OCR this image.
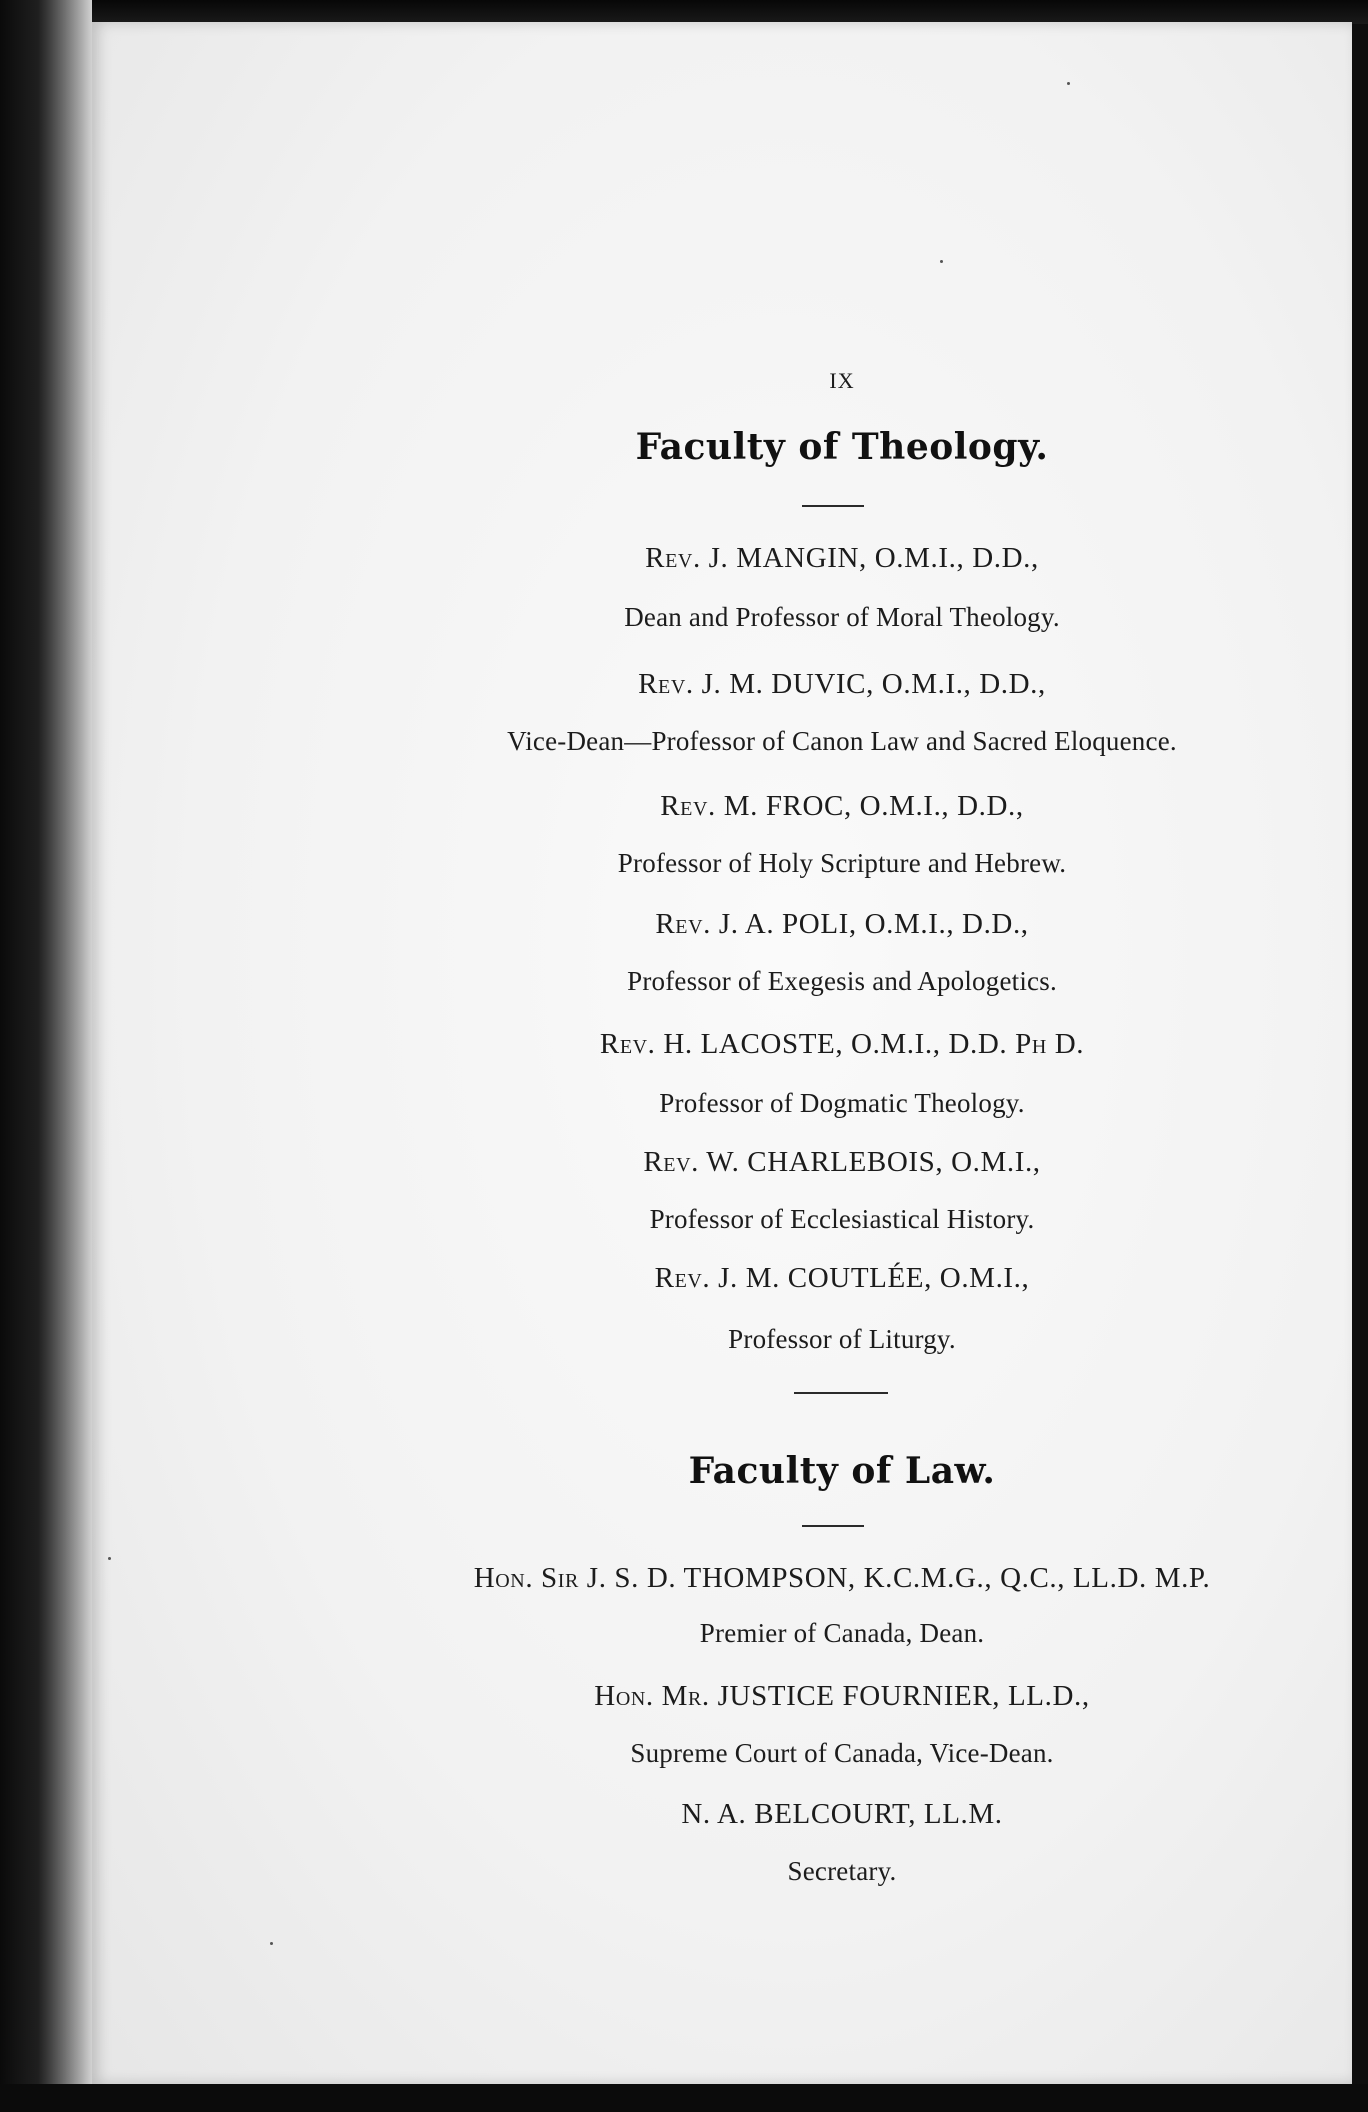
IX
Faculty of Theology.
Rev. J. MANGIN, O.M.I., D.D.,
Dean and Professor of Moral Theology.
Rev. J. M. DUVIC, O.M.I., D.D.,
Vice-Dean—Professor of Canon Law and Sacred Eloquence.
Rev. M. FROC, O.M.I., D.D.,
Professor of Holy Scripture and Hebrew.
Rev. J. A. POLI, O.M.I., D.D.,
Professor of Exegesis and Apologetics.
Rev. H. LACOSTE, O.M.I., D.D. Ph D.
Professor of Dogmatic Theology.
Rev. W. CHARLEBOIS, O.M.I.,
Professor of Ecclesiastical History.
Rev. J. M. COUTLÉE, O.M.I.,
Professor of Liturgy.
Faculty of Law.
Hon. Sir J. S. D. THOMPSON, K.C.M.G., Q.C., LL.D. M.P.
Premier of Canada, Dean.
Hon. Mr. JUSTICE FOURNIER, LL.D.,
Supreme Court of Canada, Vice-Dean.
N. A. BELCOURT, LL.M.
Secretary.
